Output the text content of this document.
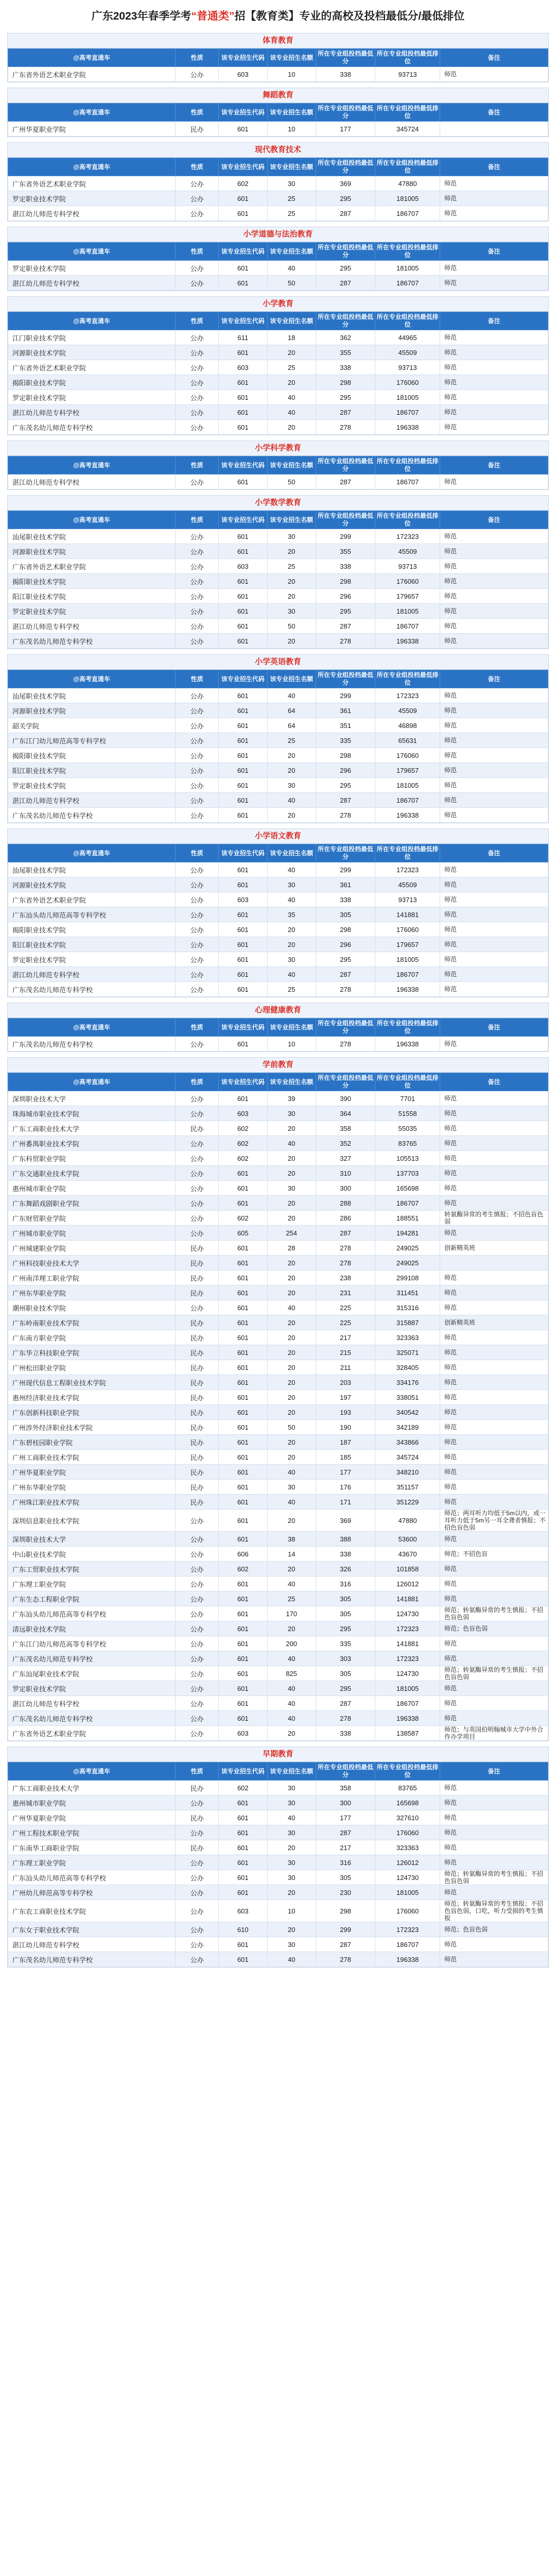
广东2023年春季学考“普通类”招【教育类】专业的高校及投档最低分/最低排位
体育教育
@高考直通车	性质	该专业招生代码	该专业招生名额	所在专业组投档最低分	所在专业组投档最低排位	备注
广东省外语艺术职业学院	公办	603	10	338	93713	师范
舞蹈教育
@高考直通车	性质	该专业招生代码	该专业招生名额	所在专业组投档最低分	所在专业组投档最低排位	备注
广州华夏职业学院	民办	601	10	177	345724	
现代教育技术
@高考直通车	性质	该专业招生代码	该专业招生名额	所在专业组投档最低分	所在专业组投档最低排位	备注
广东省外语艺术职业学院	公办	602	30	369	47880	师范
罗定职业技术学院	公办	601	25	295	181005	师范
湛江幼儿师范专科学校	公办	601	25	287	186707	师范
小学道德与法治教育
@高考直通车	性质	该专业招生代码	该专业招生名额	所在专业组投档最低分	所在专业组投档最低排位	备注
罗定职业技术学院	公办	601	40	295	181005	师范
湛江幼儿师范专科学校	公办	601	50	287	186707	师范
小学教育
@高考直通车	性质	该专业招生代码	该专业招生名额	所在专业组投档最低分	所在专业组投档最低排位	备注
江门职业技术学院	公办	611	18	362	44965	师范
河源职业技术学院	公办	601	20	355	45509	师范
广东省外语艺术职业学院	公办	603	25	338	93713	师范
揭阳职业技术学院	公办	601	20	298	176060	师范
罗定职业技术学院	公办	601	40	295	181005	师范
湛江幼儿师范专科学校	公办	601	40	287	186707	师范
广东茂名幼儿师范专科学校	公办	601	20	278	196338	师范
小学科学教育
@高考直通车	性质	该专业招生代码	该专业招生名额	所在专业组投档最低分	所在专业组投档最低排位	备注
湛江幼儿师范专科学校	公办	601	50	287	186707	师范
小学数学教育
@高考直通车	性质	该专业招生代码	该专业招生名额	所在专业组投档最低分	所在专业组投档最低排位	备注
汕尾职业技术学院	公办	601	30	299	172323	师范
河源职业技术学院	公办	601	20	355	45509	师范
广东省外语艺术职业学院	公办	603	25	338	93713	师范
揭阳职业技术学院	公办	601	20	298	176060	师范
阳江职业技术学院	公办	601	20	296	179657	师范
罗定职业技术学院	公办	601	30	295	181005	师范
湛江幼儿师范专科学校	公办	601	50	287	186707	师范
广东茂名幼儿师范专科学校	公办	601	20	278	196338	师范
小学英语教育
@高考直通车	性质	该专业招生代码	该专业招生名额	所在专业组投档最低分	所在专业组投档最低排位	备注
汕尾职业技术学院	公办	601	40	299	172323	师范
河源职业技术学院	公办	601	64	361	45509	师范
韶关学院	公办	601	64	351	46898	师范
广东江门幼儿师范高等专科学校	公办	601	25	335	65631	师范
揭阳职业技术学院	公办	601	20	298	176060	师范
阳江职业技术学院	公办	601	20	296	179657	师范
罗定职业技术学院	公办	601	30	295	181005	师范
湛江幼儿师范专科学校	公办	601	40	287	186707	师范
广东茂名幼儿师范专科学校	公办	601	20	278	196338	师范
小学语文教育
@高考直通车	性质	该专业招生代码	该专业招生名额	所在专业组投档最低分	所在专业组投档最低排位	备注
汕尾职业技术学院	公办	601	40	299	172323	师范
河源职业技术学院	公办	601	30	361	45509	师范
广东省外语艺术职业学院	公办	603	40	338	93713	师范
广东汕头幼儿师范高等专科学校	公办	601	35	305	141881	师范
揭阳职业技术学院	公办	601	20	298	176060	师范
阳江职业技术学院	公办	601	20	296	179657	师范
罗定职业技术学院	公办	601	30	295	181005	师范
湛江幼儿师范专科学校	公办	601	40	287	186707	师范
广东茂名幼儿师范专科学校	公办	601	25	278	196338	师范
心理健康教育
@高考直通车	性质	该专业招生代码	该专业招生名额	所在专业组投档最低分	所在专业组投档最低排位	备注
广东茂名幼儿师范专科学校	公办	601	10	278	196338	师范
学前教育
@高考直通车	性质	该专业招生代码	该专业招生名额	所在专业组投档最低分	所在专业组投档最低排位	备注
深圳职业技术大学	公办	601	39	390	7701	师范
珠海城市职业技术学院	公办	603	30	364	51558	师范
广东工商职业技术大学	民办	602	20	358	55035	师范
广州番禺职业技术学院	公办	602	40	352	83765	师范
广东科贸职业学院	公办	602	20	327	105513	师范
广东交通职业技术学院	公办	601	20	310	137703	师范
惠州城市职业学院	公办	601	30	300	165698	师范
广东舞蹈戏剧职业学院	公办	601	20	288	186707	师范
广东财贸职业学院	公办	602	20	286	188551	转氨酶异常的考生慎报；不招色盲色弱
广州城市职业学院	公办	605	254	287	194281	师范
广州城建职业学院	民办	601	28	278	249025	创新精英班
广州科技职业技术大学	民办	601	20	278	249025	
广州南洋理工职业学院	民办	601	20	238	299108	师范
广州东华职业学院	民办	601	20	231	311451	师范
潮州职业技术学院	公办	601	40	225	315316	师范
广东岭南职业技术学院	民办	601	20	225	315887	创新精英班
广东南方职业学院	民办	601	20	217	323363	师范
广东华立科技职业学院	民办	601	20	215	325071	师范
广州松田职业学院	民办	601	20	211	328405	师范
广州现代信息工程职业技术学院	民办	601	20	203	334176	师范
惠州经济职业技术学院	民办	601	20	197	338051	师范
广东创新科技职业学院	民办	601	20	193	340542	师范
广州涉外经济职业技术学院	民办	601	50	190	342189	师范
广东碧桂园职业学院	民办	601	20	187	343866	师范
广州工商职业技术学院	民办	601	20	185	345724	师范
广州华夏职业学院	民办	601	40	177	348210	师范
广州东华职业学院	民办	601	30	176	351157	师范
广州珠江职业技术学院	民办	601	40	171	351229	师范
深圳信息职业技术学院	公办	601	20	369	47880	师范；两耳听力均低于5m以内，或一耳听力低于5m另一耳全聋者慎报；不招色盲色弱
深圳职业技术大学	公办	601	38	388	53600	师范
中山职业技术学院	公办	606	14	338	43670	师范；不招色盲
广东工贸职业技术学院	公办	602	20	326	101858	师范
广东理工职业学院	公办	601	40	316	126012	师范
广东生态工程职业学院	公办	601	25	305	141881	师范
广东汕头幼儿师范高等专科学校	公办	601	170	305	124730	师范；转氨酶异常的考生慎报；不招色盲色弱
清远职业技术学院	公办	601	20	295	172323	师范；色盲色弱
广东江门幼儿师范高等专科学校	公办	601	200	335	141881	师范
广东茂名幼儿师范专科学校	公办	601	40	303	172323	师范
广东汕尾职业技术学院	公办	601	825	305	124730	师范；转氨酶异常的考生慎报；不招色盲色弱
罗定职业技术学院	公办	601	40	295	181005	师范
湛江幼儿师范专科学校	公办	601	40	287	186707	师范
广东茂名幼儿师范专科学校	公办	601	40	278	196338	师范
广东省外语艺术职业学院	公办	603	20	338	138587	师范；与英国伯明翰城市大学中外合作办学项目
早期教育
@高考直通车	性质	该专业招生代码	该专业招生名额	所在专业组投档最低分	所在专业组投档最低排位	备注
广东工商职业技术大学	民办	602	30	358	83765	师范
惠州城市职业学院	公办	601	30	300	165698	师范
广州华夏职业学院	民办	601	40	177	327610	师范
广州工程技术职业学院	公办	601	30	287	176060	师范
广东南华工商职业学院	民办	601	20	217	323363	师范
广东理工职业学院	公办	601	30	316	126012	师范
广东汕头幼儿师范高等专科学校	公办	601	30	305	124730	师范；转氨酶异常的考生慎报；不招色盲色弱
广州幼儿师范高等专科学校	公办	601	20	230	181005	师范
广东农工商职业技术学院	公办	603	10	298	176060	师范；转氨酶异常的考生慎报；不招色盲色弱，口吃，听力受损的考生慎报
广东女子职业技术学院	公办	610	20	299	172323	师范；色盲色弱
湛江幼儿师范专科学校	公办	601	30	287	186707	师范
广东茂名幼儿师范专科学校	公办	601	40	278	196338	师范
